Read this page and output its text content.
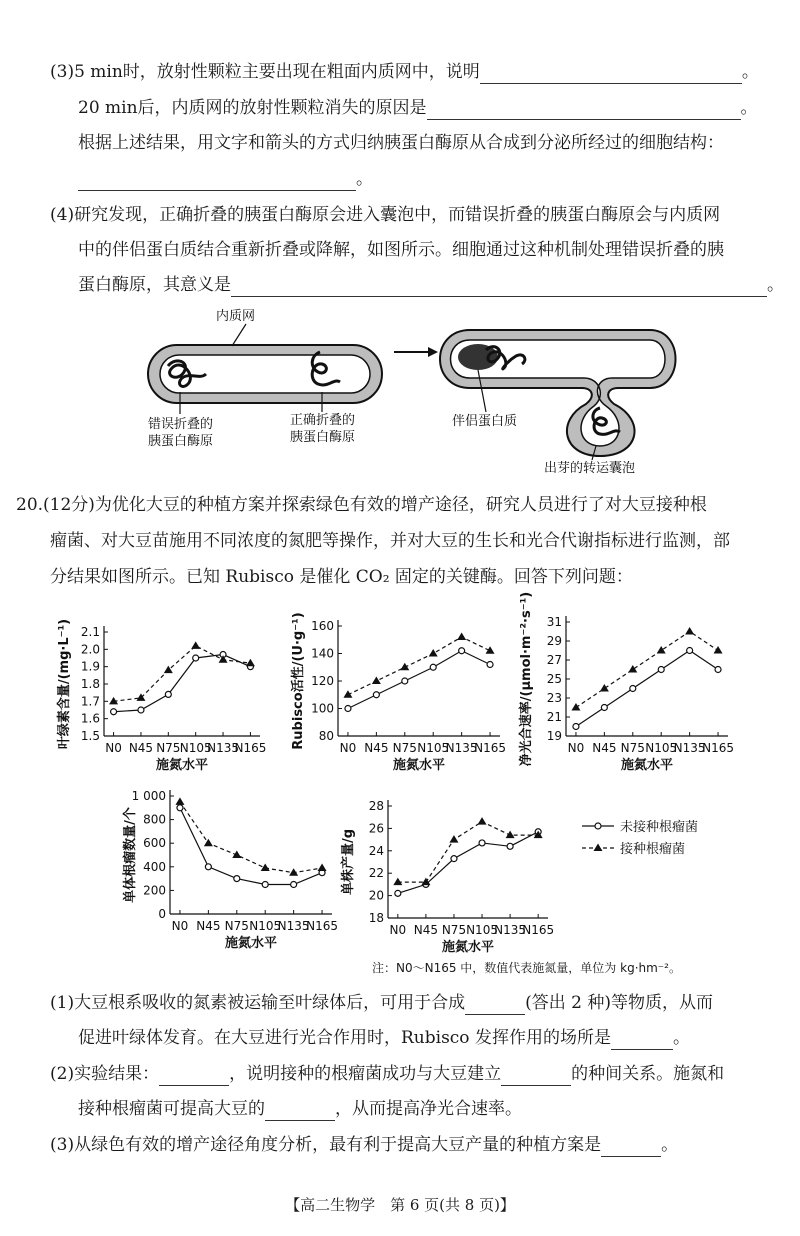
(3)5 min时，放射性颗粒主要出现在粗面内质网中，说明	。
20 min后，内质网的放射性颗粒消失的原因是	。
根据上述结果，用文字和箭头的方式归纳胰蛋白酶原从合成到分泌所经过的细胞结构：
。
(4)研究发现，正确折叠的胰蛋白酶原会进入囊泡中，而错误折叠的胰蛋白酶原会与内质网
中的伴侣蛋白质结合重新折叠或降解，如图所示。细胞通过这种机制处理错误折叠的胰
蛋白酶原，其意义是	。
内质网
错误折叠的
胰蛋白酶原
正确折叠的
胰蛋白酶原
伴侣蛋白质
出芽的转运囊泡
20.(12分)为优化大豆的种植方案并探索绿色有效的增产途径，研究人员进行了对大豆接种根
瘤菌、对大豆苗施用不同浓度的氮肥等操作，并对大豆的生长和光合代谢指标进行监测，部
分结果如图所示。已知 Rubisco 是催化 CO₂ 固定的关键酶。回答下列问题：
未接种根瘤菌
接种根瘤菌
1.5
1.6
1.7
1.8
1.9
2.0
2.1
N0 N45 N75 N105
N135
N165
施氮水平
叶绿素含量/(mg·L⁻¹)	80
100
120
140
160
N0 N45 N75 N105
N135
N165
施氮水平
Rubisco活性/(U·g⁻¹)	19
21
23
25
27
29
31
N0 N45 N75 N105
N135
N165
施氮水平
净光合速率/(μmol·m⁻²·s⁻¹)
0
200
400
600
800
1 000
N0 N45 N75 N105
N135
N165
施氮水平
单体根瘤数量/个
18
20
22
24
26
28
N0 N45 N75 N105
N135
N165
施氮水平
单株产量/g
注：N0～N165 中，数值代表施氮量，单位为 kg·hm⁻²。
(1)大豆根系吸收的氮素被运输至叶绿体后，可用于合成	(答出 2 种)等物质，从而
促进叶绿体发育。在大豆进行光合作用时，Rubisco 发挥作用的场所是	。
(2)实验结果：	，说明接种的根瘤菌成功与大豆建立	的种间关系。施氮和
接种根瘤菌可提高大豆的	，从而提高净光合速率。
(3)从绿色有效的增产途径角度分析，最有利于提高大豆产量的种植方案是	。
【高二生物学　第 6 页(共 8 页)】
